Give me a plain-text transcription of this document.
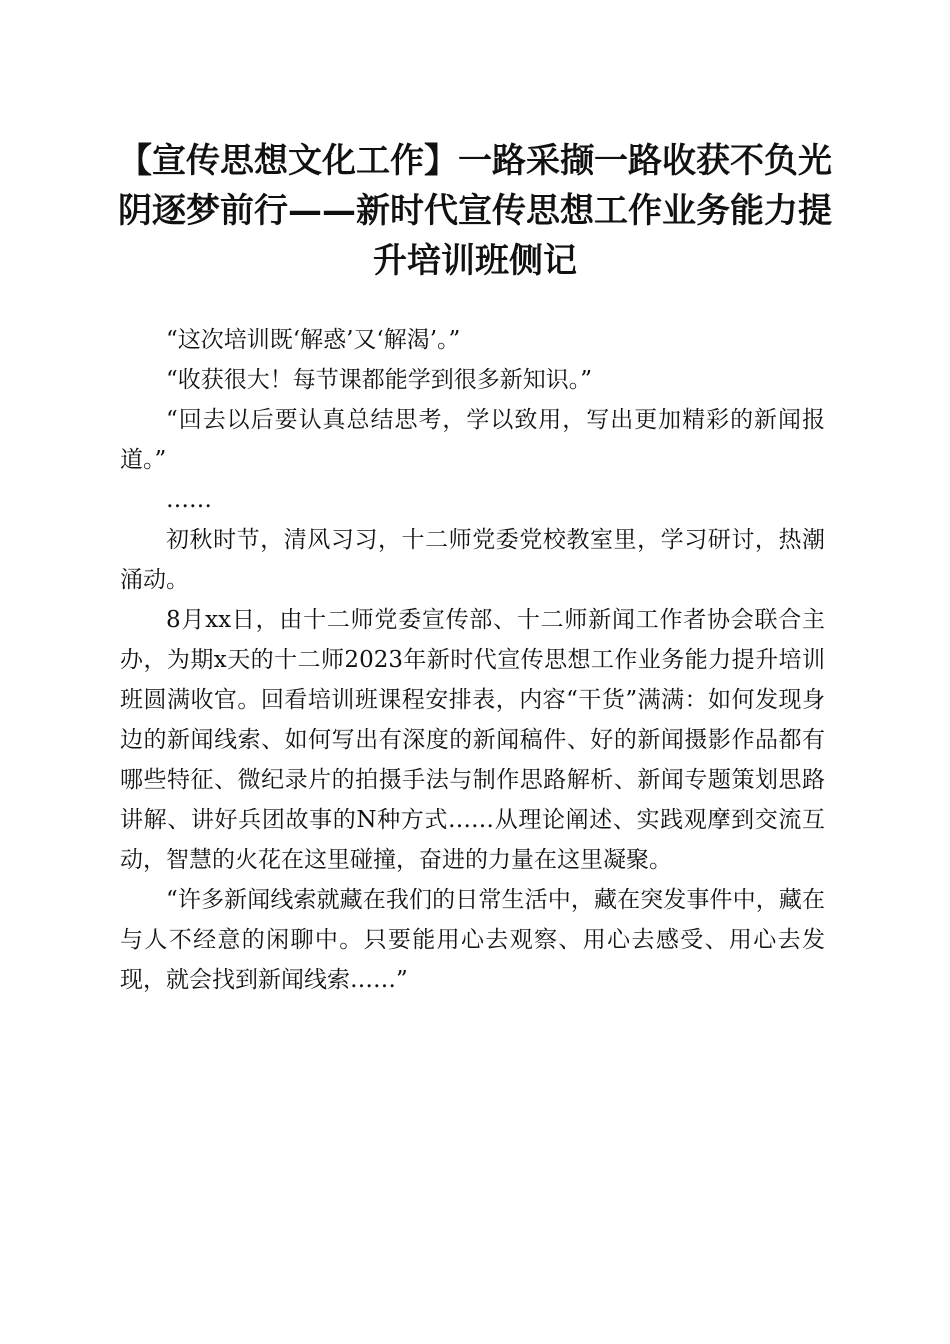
【宣传思想文化工作】一路采撷一路收获不负光阴逐梦前行——新时代宣传思想工作业务能力提升培训班侧记

“这次培训既‘解惑’又‘解渴’。”

“收获很大！每节课都能学到很多新知识。”

“回去以后要认真总结思考，学以致用，写出更加精彩的新闻报道。”

……

初秋时节，清风习习，十二师党委党校教室里，学习研讨，热潮涌动。

8月xx日，由十二师党委宣传部、十二师新闻工作者协会联合主办，为期x天的十二师2023年新时代宣传思想工作业务能力提升培训班圆满收官。回看培训班课程安排表，内容“干货”满满：如何发现身边的新闻线索、如何写出有深度的新闻稿件、好的新闻摄影作品都有哪些特征、微纪录片的拍摄手法与制作思路解析、新闻专题策划思路讲解、讲好兵团故事的N种方式……从理论阐述、实践观摩到交流互动，智慧的火花在这里碰撞，奋进的力量在这里凝聚。

“许多新闻线索就藏在我们的日常生活中，藏在突发事件中，藏在与人不经意的闲聊中。只要能用心去观察、用心去感受、用心去发现，就会找到新闻线索……”
